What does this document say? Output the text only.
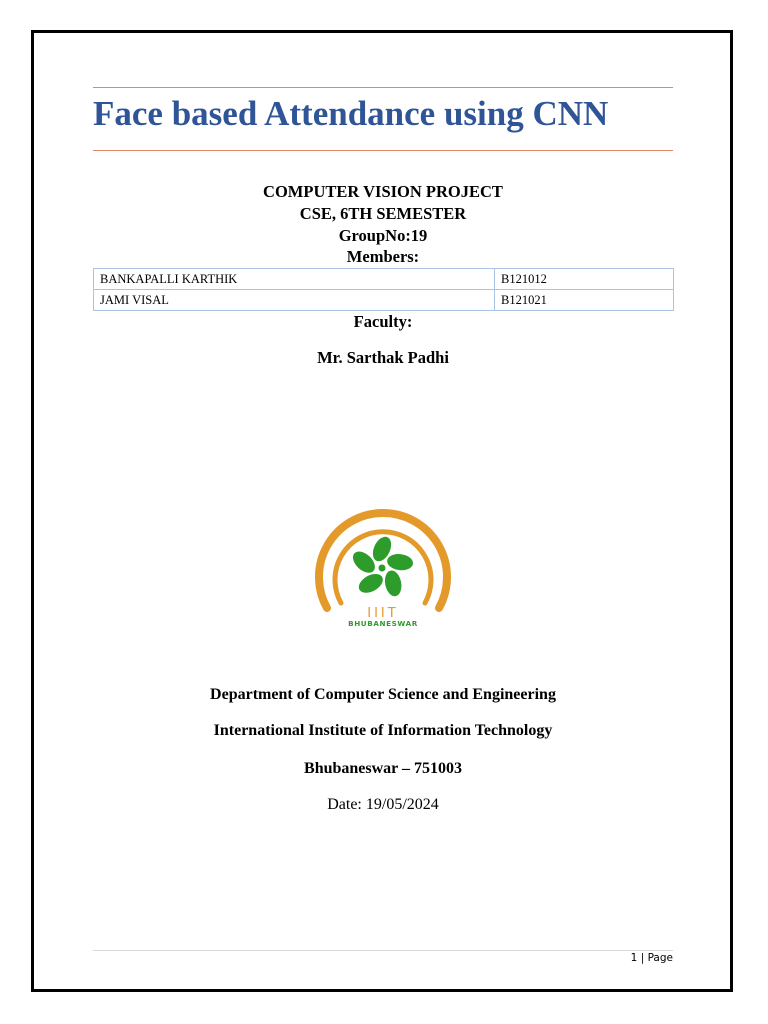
Face based Attendance using CNN

COMPUTER VISION PROJECT

CSE, 6TH SEMESTER

GroupNo:19

Members:

BANKAPALLI KARTHIK	B121012
JAMI VISAL	B121021

Faculty:

Mr. Sarthak Padhi

IIIT
BHUBANESWAR

Department of Computer Science and Engineering

International Institute of Information Technology

Bhubaneswar – 751003

Date: 19/05/2024

1 | Page
